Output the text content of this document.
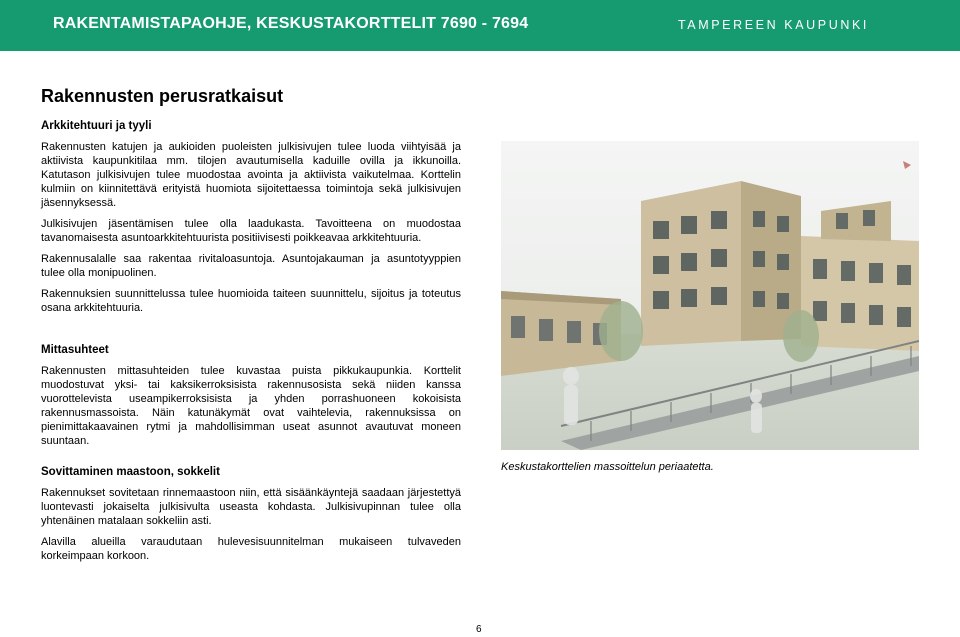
RAKENTAMISTAPAOHJE, KESKUSTAKORTTELIT 7690 - 7694	TAMPEREEN KAUPUNKI
Rakennusten perusratkaisut
Arkkitehtuuri ja tyyli

Rakennusten katujen ja aukioiden puoleisten julkisivujen tulee luoda viihtyisää ja aktiivista kaupunkitilaa mm. tilojen avautumisella kaduille ovilla ja ikkunoilla. Katutason julkisivujen tulee muodostaa avointa ja aktiivista vaikutelmaa. Korttelin kulmiin on kiinnitettävä erityistä huomiota sijoitettaessa toimintoja sekä julkisivujen jäsennyksessä.

Julkisivujen jäsentämisen tulee olla laadukasta. Tavoitteena on muodostaa tavanomaisesta asuntoarkkitehtuurista positiivisesti poikkeavaa arkkitehtuuria.

Rakennusalalle saa rakentaa rivitaloasuntoja. Asuntojakauman ja asuntotyyppien tulee olla monipuolinen.

Rakennuksien suunnittelussa tulee huomioida taiteen suunnittelu, sijoitus ja toteutus osana arkkitehtuuria.

Mittasuhteet

Rakennusten mittasuhteiden tulee kuvastaa puista pikkukaupunkia. Korttelit muodostuvat yksi- tai kaksikerroksisista rakennusosista sekä niiden kanssa vuorottelevista useampikerroksisista ja yhden porrashuoneen kokoisista rakennusmassoista. Näin katunäkymät ovat vaihtelevia, rakennuksissa on pienimittakaavainen rytmi ja mahdollisimman useat asunnot avautuvat moneen suuntaan.

Sovittaminen maastoon, sokkelit

Rakennukset sovitetaan rinnemaastoon niin, että sisäänkäyntejä saadaan järjestettyä luontevasti jokaiselta julkisivulta useasta kohdasta. Julkisivupinnan tulee olla yhtenäinen matalaan sokkeliin asti.

Alavilla alueilla varaudutaan hulevesisuunnitelman mukaiseen tulvaveden korkeimpaan korkoon.

Keskustakorttelien massoittelun periaatetta.
6
